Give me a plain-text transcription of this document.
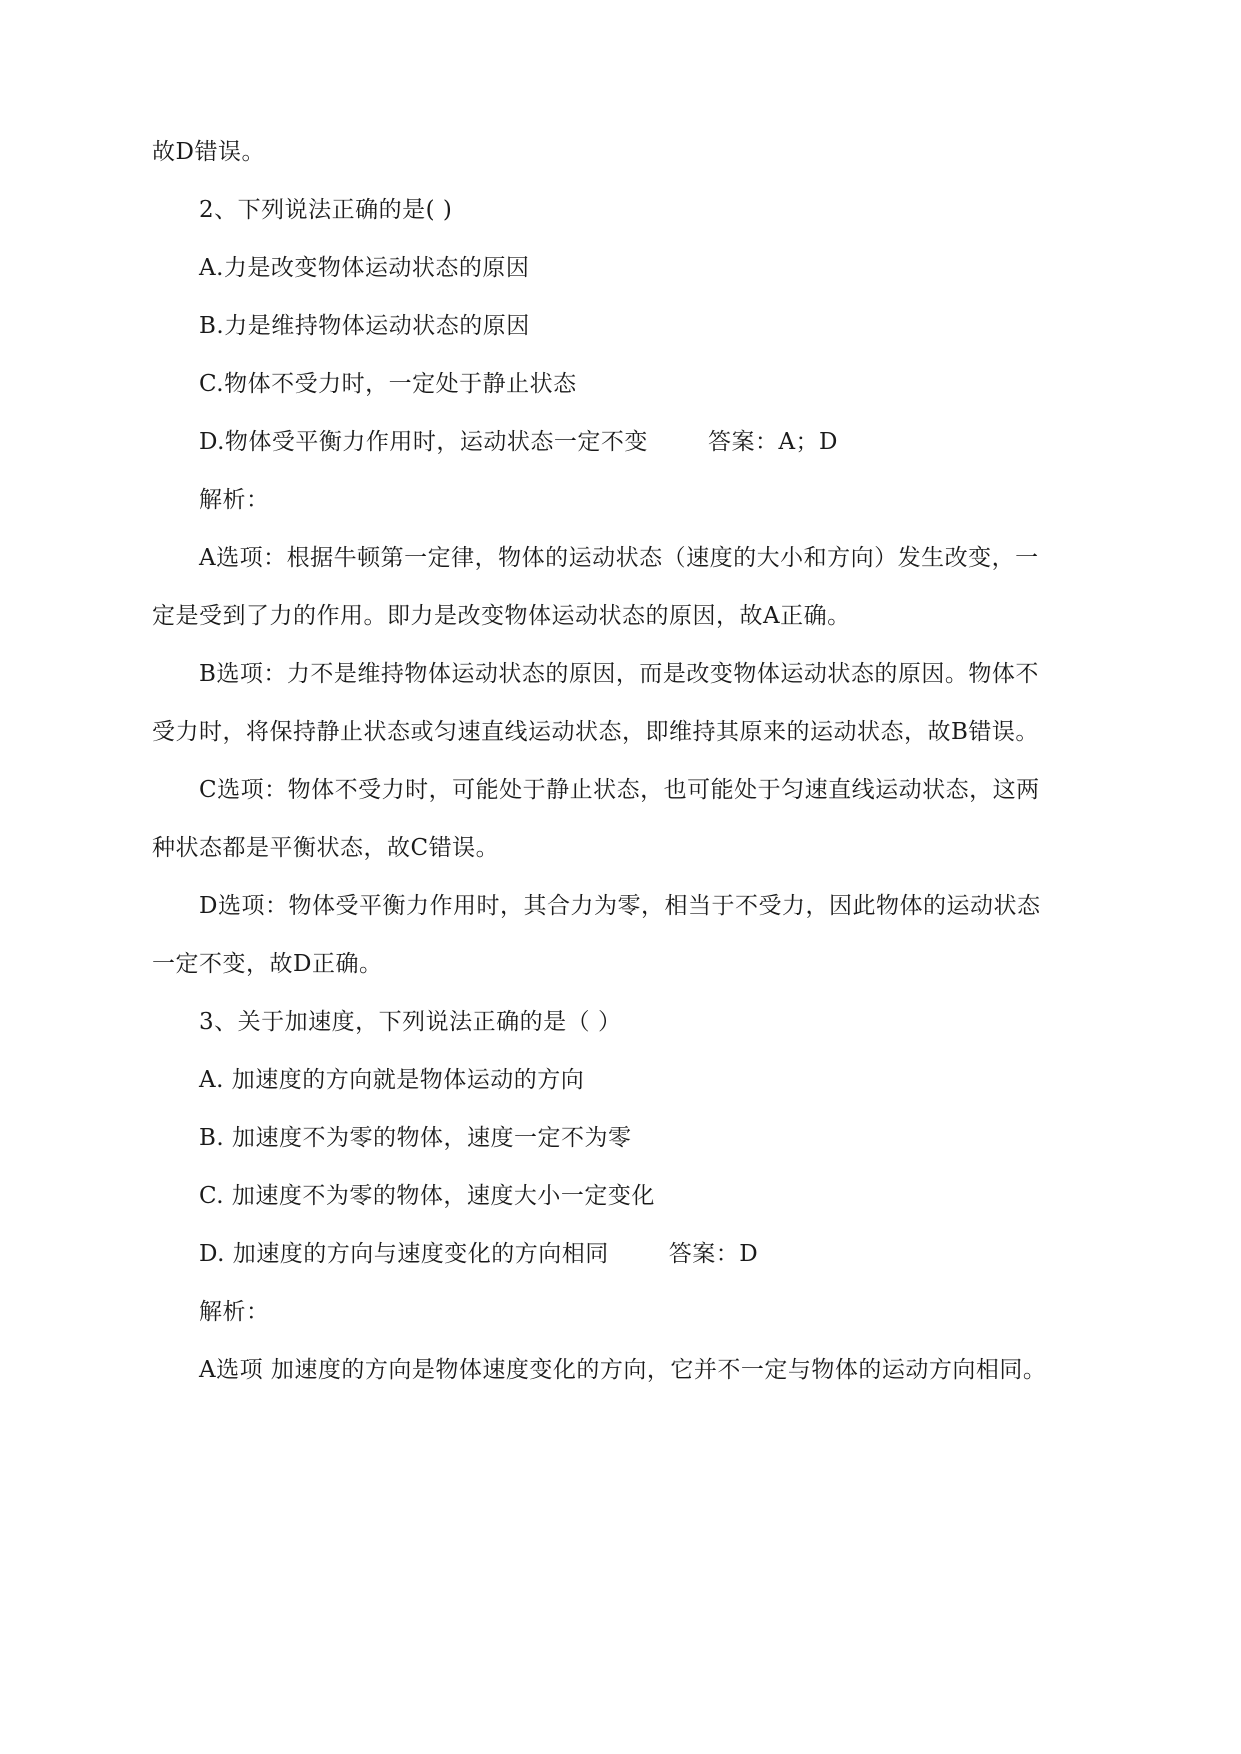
故D错误。
2、下列说法正确的是( )
A.力是改变物体运动状态的原因
B.力是维持物体运动状态的原因
C.物体不受力时，一定处于静止状态
D.物体受平衡力作用时，运动状态一定不变	答案：A；D
解析：
A选项：根据牛顿第一定律，物体的运动状态（速度的大小和方向）发生改变，一
定是受到了力的作用。即力是改变物体运动状态的原因，故A正确。
B选项：力不是维持物体运动状态的原因，而是改变物体运动状态的原因。物体不
受力时，将保持静止状态或匀速直线运动状态，即维持其原来的运动状态，故B错误。
C选项：物体不受力时，可能处于静止状态，也可能处于匀速直线运动状态，这两
种状态都是平衡状态，故C错误。
D选项：物体受平衡力作用时，其合力为零，相当于不受力，因此物体的运动状态
一定不变，故D正确。
3、关于加速度，下列说法正确的是（ ）
A. 加速度的方向就是物体运动的方向
B. 加速度不为零的物体，速度一定不为零
C. 加速度不为零的物体，速度大小一定变化
D. 加速度的方向与速度变化的方向相同	答案：D
解析：
A选项 加速度的方向是物体速度变化的方向，它并不一定与物体的运动方向相同。
